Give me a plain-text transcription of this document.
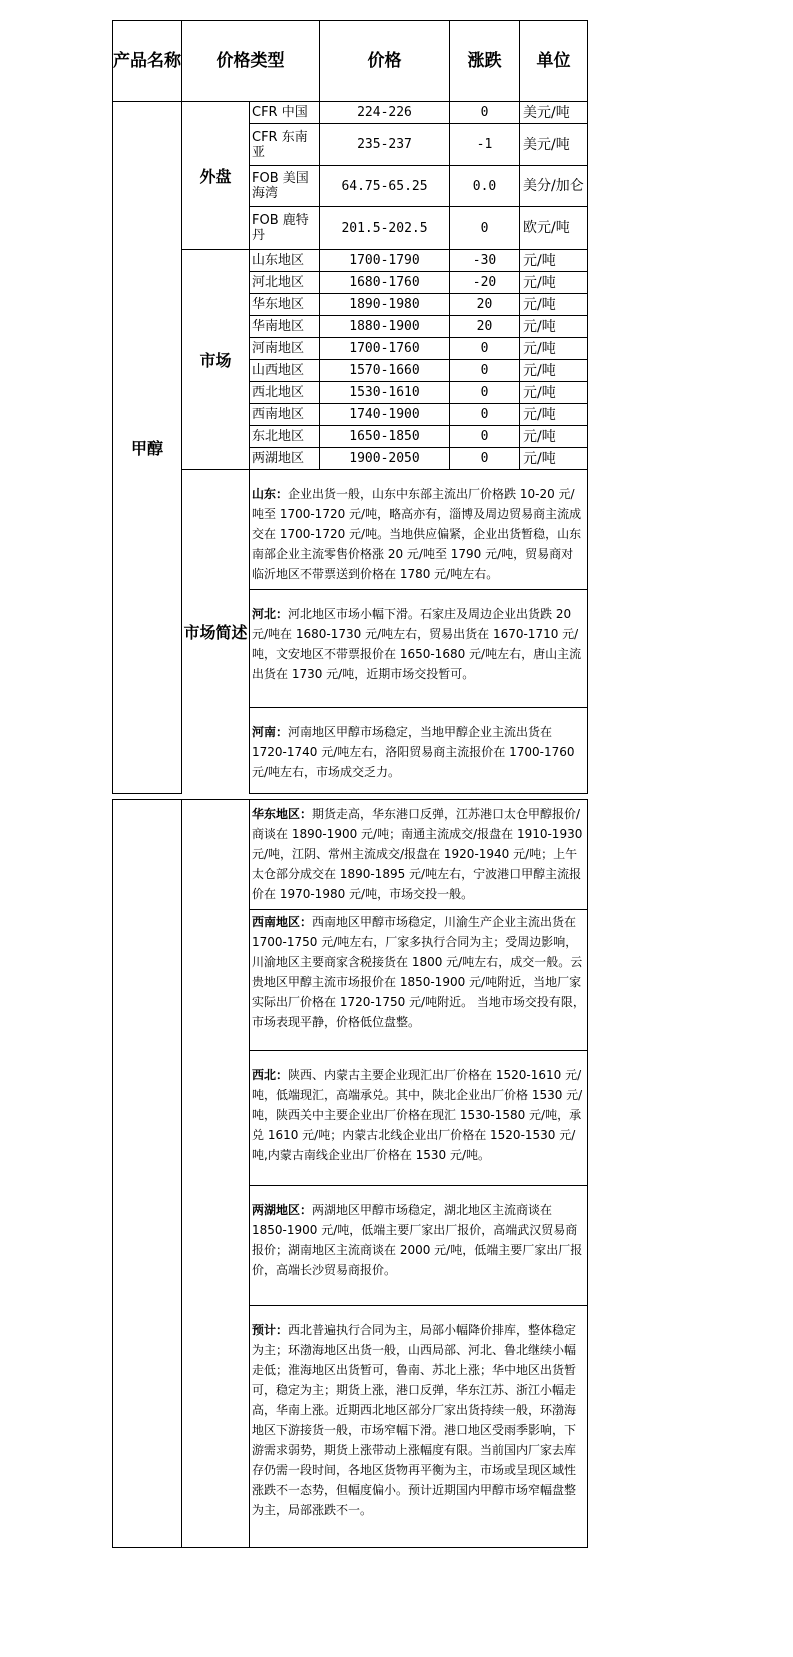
产品名称	价格类型		价格	涨跌	单位
甲醇	外盘	CFR 中国	224-226	0	美元/吨
		CFR 东南亚	235-237	-1	美元/吨
		FOB 美国海湾	64.75-65.25	0.0	美分/加仑
		FOB 鹿特丹	201.5-202.5	0	欧元/吨
	市场	山东地区	1700-1790	-30	元/吨
		河北地区	1680-1760	-20	元/吨
		华东地区	1890-1980	20	元/吨
		华南地区	1880-1900	20	元/吨
		河南地区	1700-1760	0	元/吨
		山西地区	1570-1660	0	元/吨
		西北地区	1530-1610	0	元/吨
		西南地区	1740-1900	0	元/吨
		东北地区	1650-1850	0	元/吨
		两湖地区	1900-2050	0	元/吨
	市场简述	山东：企业出货一般，山东中东部主流出厂价格跌 10-20 元/吨至 1700-1720 元/吨，略高亦有，淄博及周边贸易商主流成交在 1700-1720 元/吨。当地供应偏紧，企业出货暂稳，山东南部企业主流零售价格涨 20 元/吨至 1790 元/吨，贸易商对临沂地区不带票送到价格在 1780 元/吨左右。			
		河北：河北地区市场小幅下滑。石家庄及周边企业出货跌 20 元/吨在 1680-1730 元/吨左右，贸易出货在 1670-1710 元/吨，文安地区不带票报价在 1650-1680 元/吨左右，唐山主流出货在 1730 元/吨，近期市场交投暂可。			
		河南：河南地区甲醇市场稳定，当地甲醇企业主流出货在 1720-1740 元/吨左右，洛阳贸易商主流报价在 1700-1760 元/吨左右，市场成交乏力。			
		华东地区：期货走高，华东港口反弹，江苏港口太仓甲醇报价/商谈在 1890-1900 元/吨；南通主流成交/报盘在 1910-1930 元/吨，江阴、常州主流成交/报盘在 1920-1940 元/吨；上午太仓部分成交在 1890-1895 元/吨左右，宁波港口甲醇主流报价在 1970-1980 元/吨，市场交投一般。
西南地区：西南地区甲醇市场稳定，川渝生产企业主流出货在 1700-1750 元/吨左右，厂家多执行合同为主；受周边影响，川渝地区主要商家含税接货在 1800 元/吨左右，成交一般。云贵地区甲醇主流市场报价在 1850-1900 元/吨附近，当地厂家实际出厂价格在 1720-1750 元/吨附近。 当地市场交投有限，市场表现平静，价格低位盘整。
西北：陕西、内蒙古主要企业现汇出厂价格在 1520-1610 元/吨，低端现汇，高端承兑。其中，陕北企业出厂价格 1530 元/吨，陕西关中主要企业出厂价格在现汇 1530-1580 元/吨，承兑 1610 元/吨；内蒙古北线企业出厂价格在 1520-1530 元/吨,内蒙古南线企业出厂价格在 1530 元/吨。
两湖地区：两湖地区甲醇市场稳定，湖北地区主流商谈在 1850-1900 元/吨，低端主要厂家出厂报价，高端武汉贸易商报价；湖南地区主流商谈在 2000 元/吨，低端主要厂家出厂报价，高端长沙贸易商报价。
预计：西北普遍执行合同为主，局部小幅降价排库，整体稳定为主；环渤海地区出货一般，山西局部、河北、鲁北继续小幅走低；淮海地区出货暂可，鲁南、苏北上涨；华中地区出货暂可，稳定为主；期货上涨，港口反弹，华东江苏、浙江小幅走高，华南上涨。近期西北地区部分厂家出货持续一般，环渤海地区下游接货一般，市场窄幅下滑。港口地区受雨季影响，下游需求弱势，期货上涨带动上涨幅度有限。当前国内厂家去库存仍需一段时间，各地区货物再平衡为主，市场或呈现区域性涨跌不一态势，但幅度偏小。预计近期国内甲醇市场窄幅盘整为主，局部涨跌不一。
